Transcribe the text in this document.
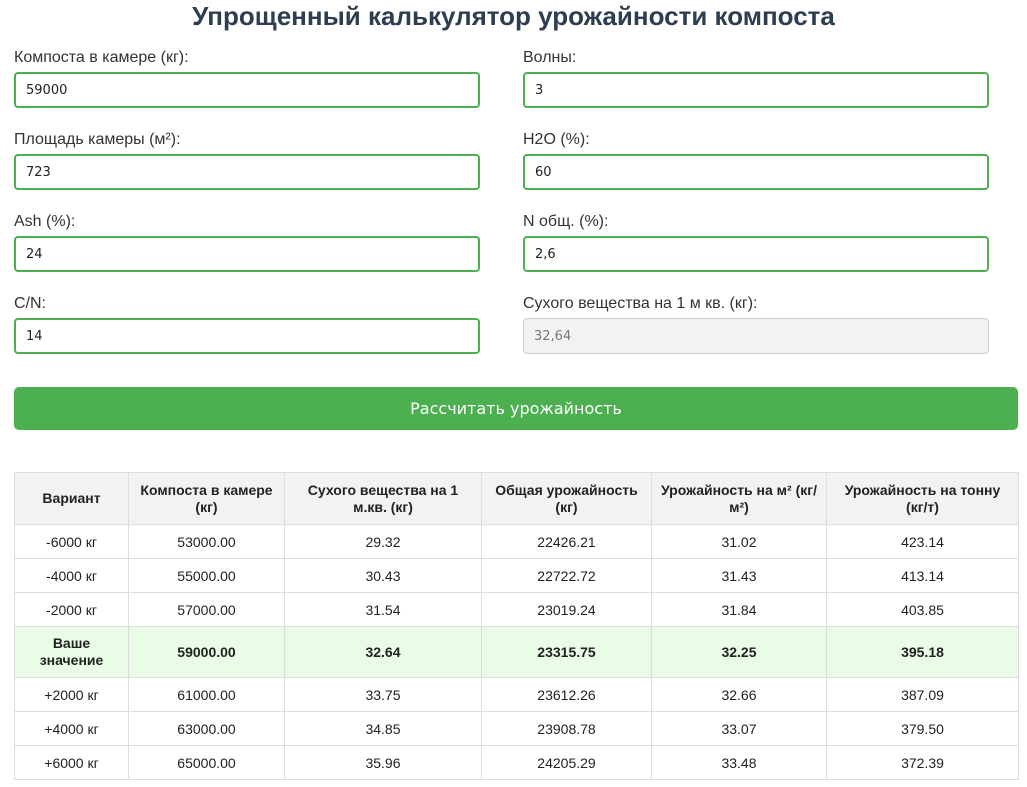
Упрощенный калькулятор урожайности компоста
Компоста в камере (кг):
59000	Волны:
3
Площадь камеры (м²):
723	H2O (%):
60
Ash (%):
24	N общ. (%):
2,6
C/N:
14	Сухого вещества на 1 м кв. (кг):
32,64
Рассчитать урожайность
Вариант	Компоста в камере (кг)	Сухого вещества на 1 м.кв. (кг)	Общая урожайность (кг)	Урожайность на м² (кг/м²)	Урожайность на тонну (кг/т)
-6000 кг	53000.00	29.32	22426.21	31.02	423.14
-4000 кг	55000.00	30.43	22722.72	31.43	413.14
-2000 кг	57000.00	31.54	23019.24	31.84	403.85
Ваше значение	59000.00	32.64	23315.75	32.25	395.18
+2000 кг	61000.00	33.75	23612.26	32.66	387.09
+4000 кг	63000.00	34.85	23908.78	33.07	379.50
+6000 кг	65000.00	35.96	24205.29	33.48	372.39
